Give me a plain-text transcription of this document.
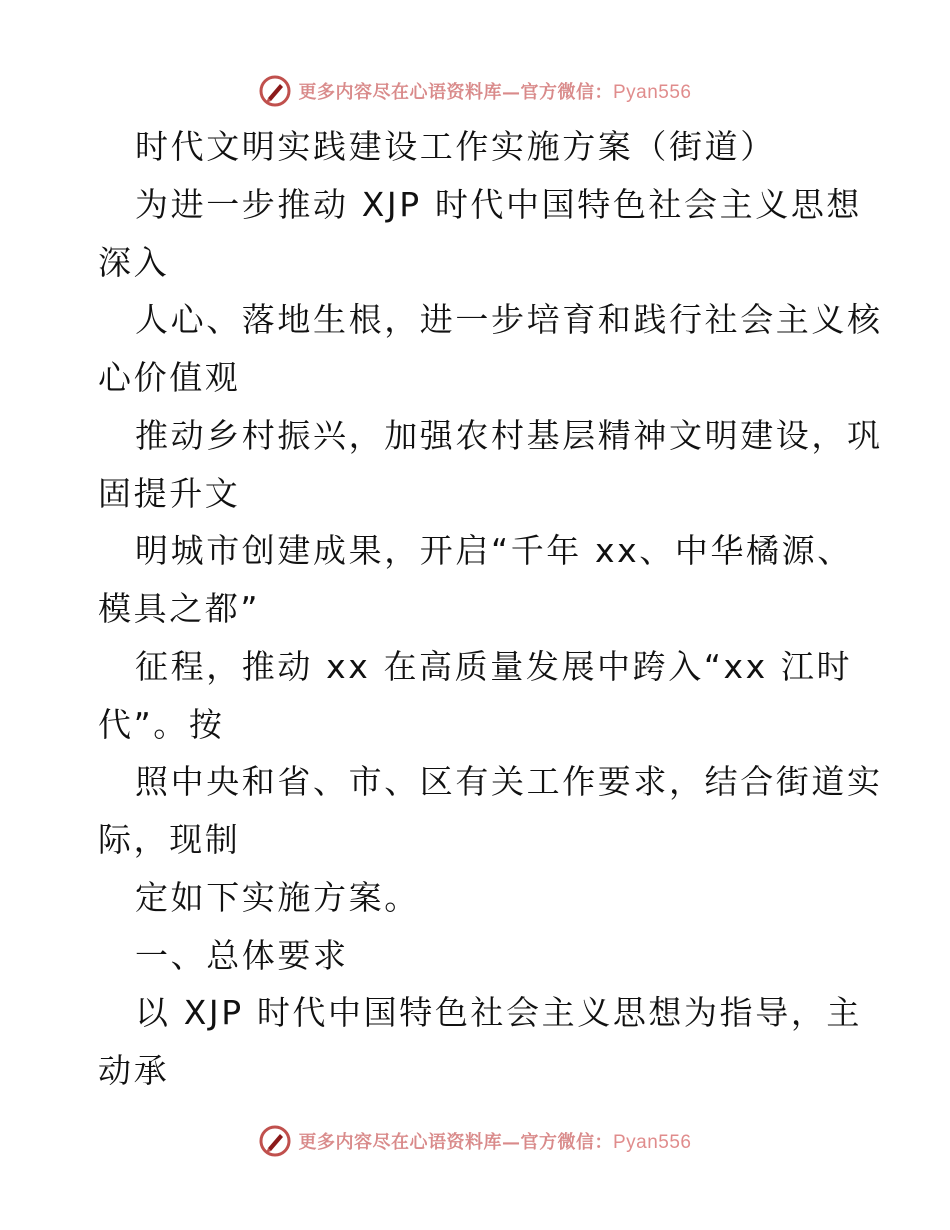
更多内容尽在心语资料库—官方微信：Pyan556
时代文明实践建设工作实施方案（街道）
为进一步推动 XJP 时代中国特色社会主义思想
深入
人心、落地生根，进一步培育和践行社会主义核
心价值观
推动乡村振兴，加强农村基层精神文明建设，巩
固提升文
明城市创建成果，开启“千年 xx、中华橘源、
模具之都”
征程，推动 xx 在高质量发展中跨入“xx 江时
代”。按
照中央和省、市、区有关工作要求，结合街道实
际，现制
定如下实施方案。
一、总体要求
以 XJP 时代中国特色社会主义思想为指导，主
动承
更多内容尽在心语资料库—官方微信：Pyan556
